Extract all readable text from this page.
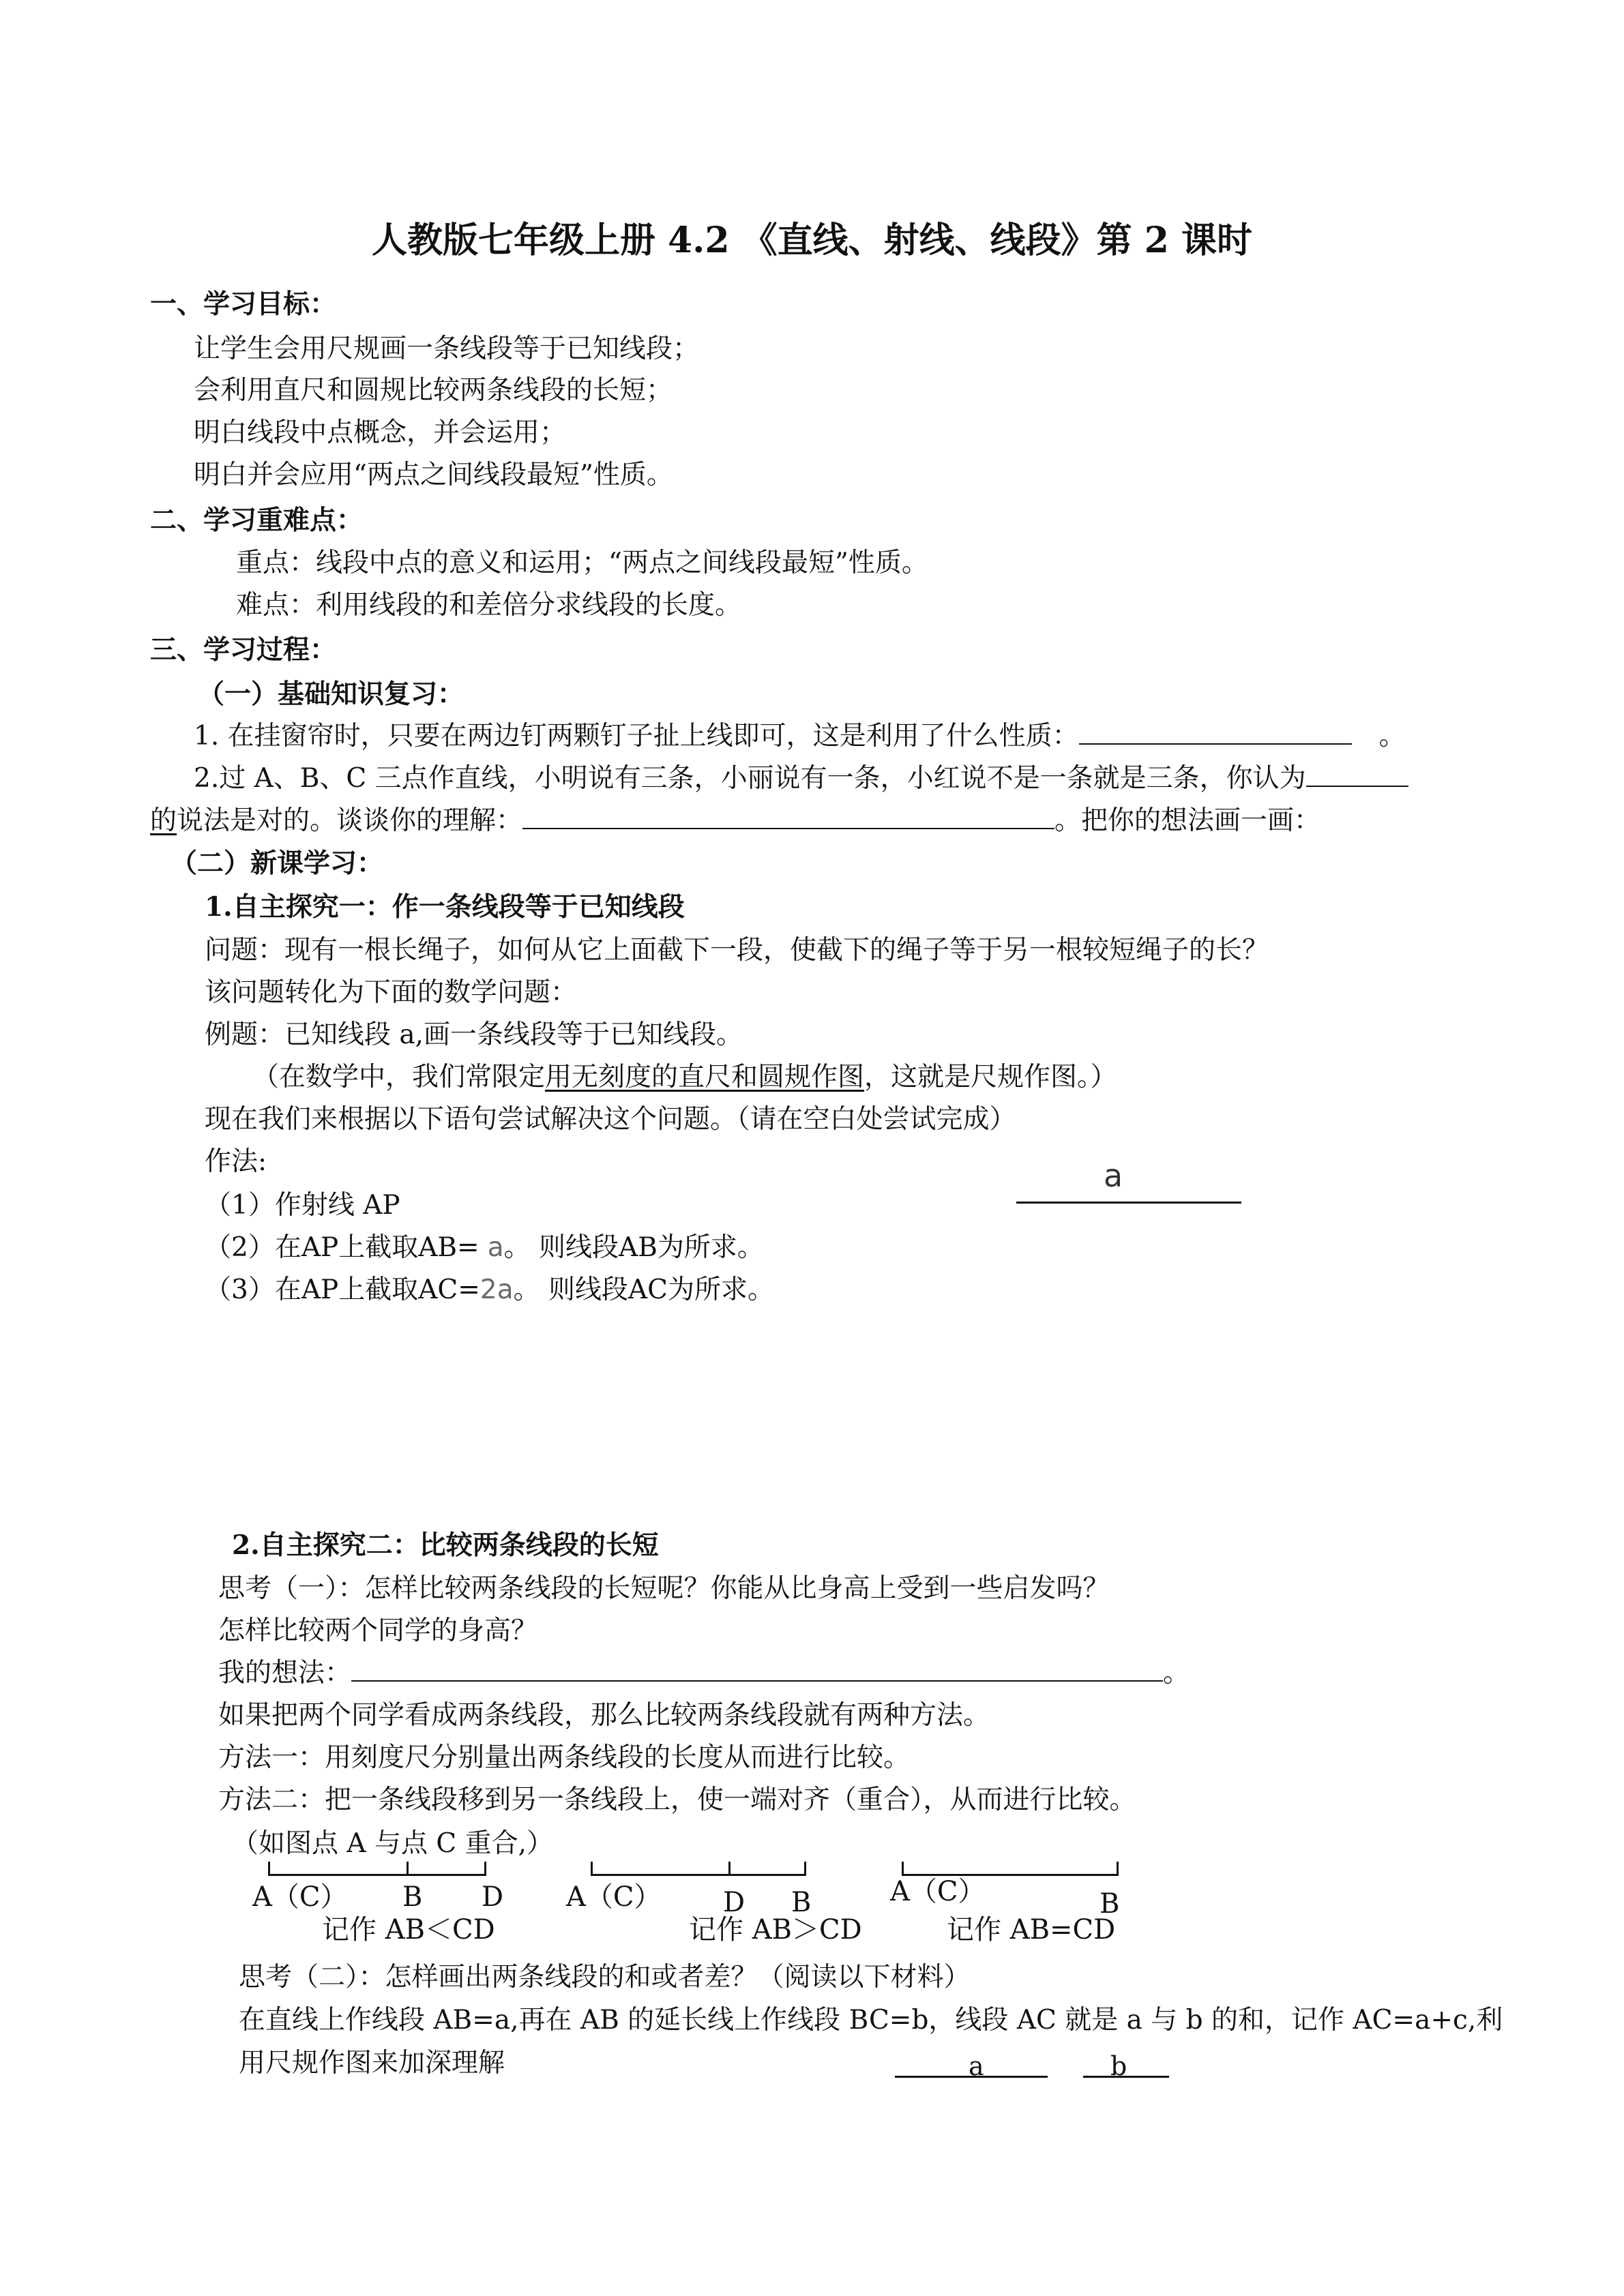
人教版七年级上册 4.2 《直线、射线、线段》第 2 课时
一、学习目标：
让学生会用尺规画一条线段等于已知线段；
会利用直尺和圆规比较两条线段的长短；
明白线段中点概念，并会运用；
明白并会应用“两点之间线段最短”性质。
二、学习重难点：
重点：线段中点的意义和运用；“两点之间线段最短”性质。
难点：利用线段的和差倍分求线段的长度。
三、学习过程：
（一）基础知识复习：
1. 在挂窗帘时，只要在两边钉两颗钉子扯上线即可，这是利用了什么性质：	。
2.过 A、B、C 三点作直线，小明说有三条，小丽说有一条，小红说不是一条就是三条，你认为
的说法是对的。谈谈你的理解：	。把你的想法画一画：
（二）新课学习：
1.自主探究一：作一条线段等于已知线段
问题：现有一根长绳子，如何从它上面截下一段，使截下的绳子等于另一根较短绳子的长？
该问题转化为下面的数学问题：
例题：已知线段 a,画一条线段等于已知线段。
（在数学中，我们常限定用无刻度的直尺和圆规作图，这就是尺规作图。）
现在我们来根据以下语句尝试解决这个问题。（请在空白处尝试完成）
作法:
（1）作射线 AP
（2）在AP上截取AB= a。 则线段AB为所求。
（3）在AP上截取AC=2a。 则线段AC为所求。
a
2.自主探究二：比较两条线段的长短
思考（一）：怎样比较两条线段的长短呢？你能从比身高上受到一些启发吗？
怎样比较两个同学的身高？
我的想法：	。
如果把两个同学看成两条线段，那么比较两条线段就有两种方法。
方法一：用刻度尺分别量出两条线段的长度从而进行比较。
方法二：把一条线段移到另一条线段上，使一端对齐（重合），从而进行比较。
（如图点 A 与点 C 重合,）
A（C） B D
记作 AB＜CD
A（C） D B
记作 AB＞CD
A（C）	B
记作 AB=CD
思考（二）：怎样画出两条线段的和或者差？（阅读以下材料）
在直线上作线段 AB=a,再在 AB 的延长线上作线段 BC=b，线段 AC 就是 a 与 b 的和，记作 AC=a+c,利
用尺规作图来加深理解	a	b
